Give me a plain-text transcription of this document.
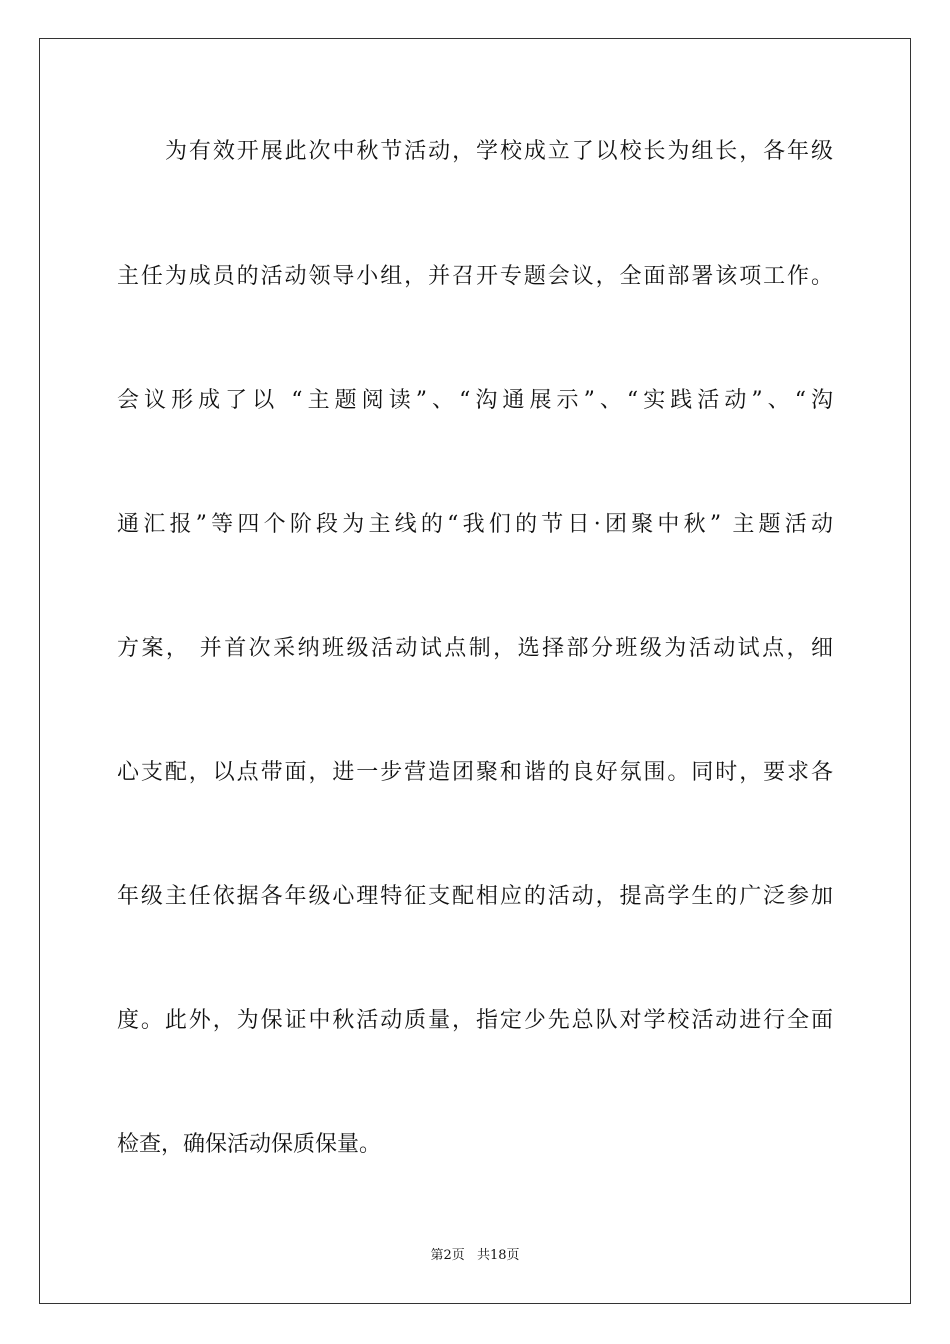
为有效开展此次中秋节活动，学校成立了以校长为组长，各年级
主任为成员的活动领导小组，并召开专题会议，全面部署该项工作。
会议形成了以 “主题阅读”、“沟通展示”、“实践活动”、“沟
通汇报”等四个阶段为主线的“我们的节日·团聚中秋” 主题活动
方案， 并首次采纳班级活动试点制，选择部分班级为活动试点，细
心支配，以点带面，进一步营造团聚和谐的良好氛围。同时，要求各
年级主任依据各年级心理特征支配相应的活动，提高学生的广泛参加
度。此外，为保证中秋活动质量，指定少先总队对学校活动进行全面
检查，确保活动保质保量。
第2页 共18页
